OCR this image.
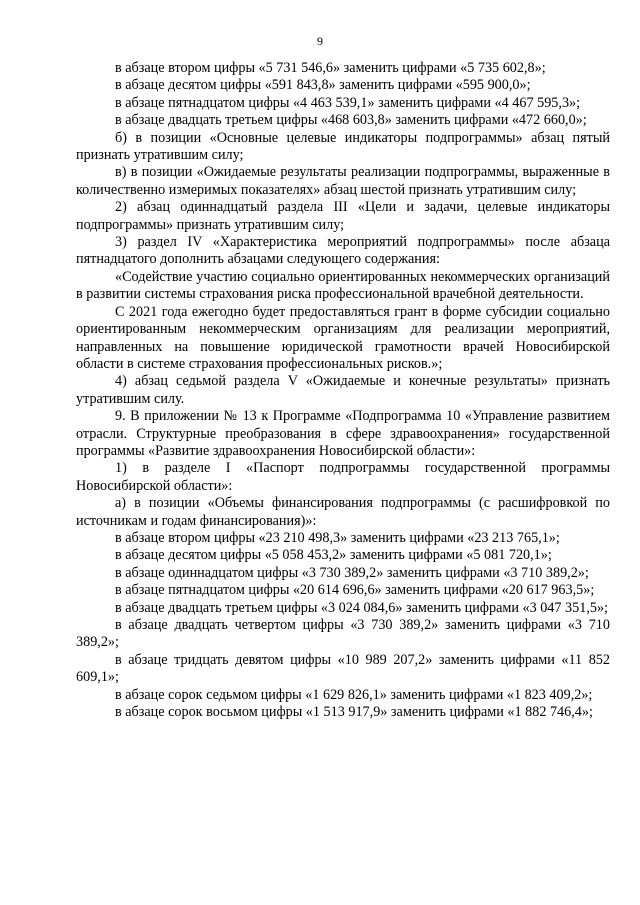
9

в абзаце втором цифры «5 731 546,6» заменить цифрами «5 735 602,8»;

в абзаце десятом цифры «591 843,8» заменить цифрами «595 900,0»;

в абзаце пятнадцатом цифры «4 463 539,1» заменить цифрами «4 467 595,3»;

в абзаце двадцать третьем цифры «468 603,8» заменить цифрами «472 660,0»;

б) в позиции «Основные целевые индикаторы подпрограммы» абзац пятый признать утратившим силу;

в) в позиции «Ожидаемые результаты реализации подпрограммы, выраженные в количественно измеримых показателях» абзац шестой признать утратившим силу;

2) абзац одиннадцатый раздела III «Цели и задачи, целевые индикаторы подпрограммы» признать утратившим силу;

3) раздел IV «Характеристика мероприятий подпрограммы» после абзаца пятнадцатого дополнить абзацами следующего содержания:

«Содействие участию социально ориентированных некоммерческих организаций в развитии системы страхования риска профессиональной врачебной деятельности.

С 2021 года ежегодно будет предоставляться грант в форме субсидии социально ориентированным некоммерческим организациям для реализации мероприятий, направленных на повышение юридической грамотности врачей Новосибирской области в системе страхования профессиональных рисков.»;

4) абзац седьмой раздела V «Ожидаемые и конечные результаты» признать утратившим силу.

9. В приложении № 13 к Программе «Подпрограмма 10 «Управление развитием отрасли. Структурные преобразования в сфере здравоохранения» государственной программы «Развитие здравоохранения Новосибирской области»:

1) в разделе I «Паспорт подпрограммы государственной программы Новосибирской области»:

а) в позиции «Объемы финансирования подпрограммы (с расшифровкой по источникам и годам финансирования)»:

в абзаце втором цифры «23 210 498,3» заменить цифрами «23 213 765,1»;

в абзаце десятом цифры «5 058 453,2» заменить цифрами «5 081 720,1»;

в абзаце одиннадцатом цифры «3 730 389,2» заменить цифрами «3 710 389,2»;

в абзаце пятнадцатом цифры «20 614 696,6» заменить цифрами «20 617 963,5»;

в абзаце двадцать третьем цифры «3 024 084,6» заменить цифрами «3 047 351,5»;

в абзаце двадцать четвертом цифры «3 730 389,2» заменить цифрами «3 710 389,2»;

в абзаце тридцать девятом цифры «10 989 207,2» заменить цифрами «11 852 609,1»;

в абзаце сорок седьмом цифры «1 629 826,1» заменить цифрами «1 823 409,2»;

в абзаце сорок восьмом цифры «1 513 917,9» заменить цифрами «1 882 746,4»;
